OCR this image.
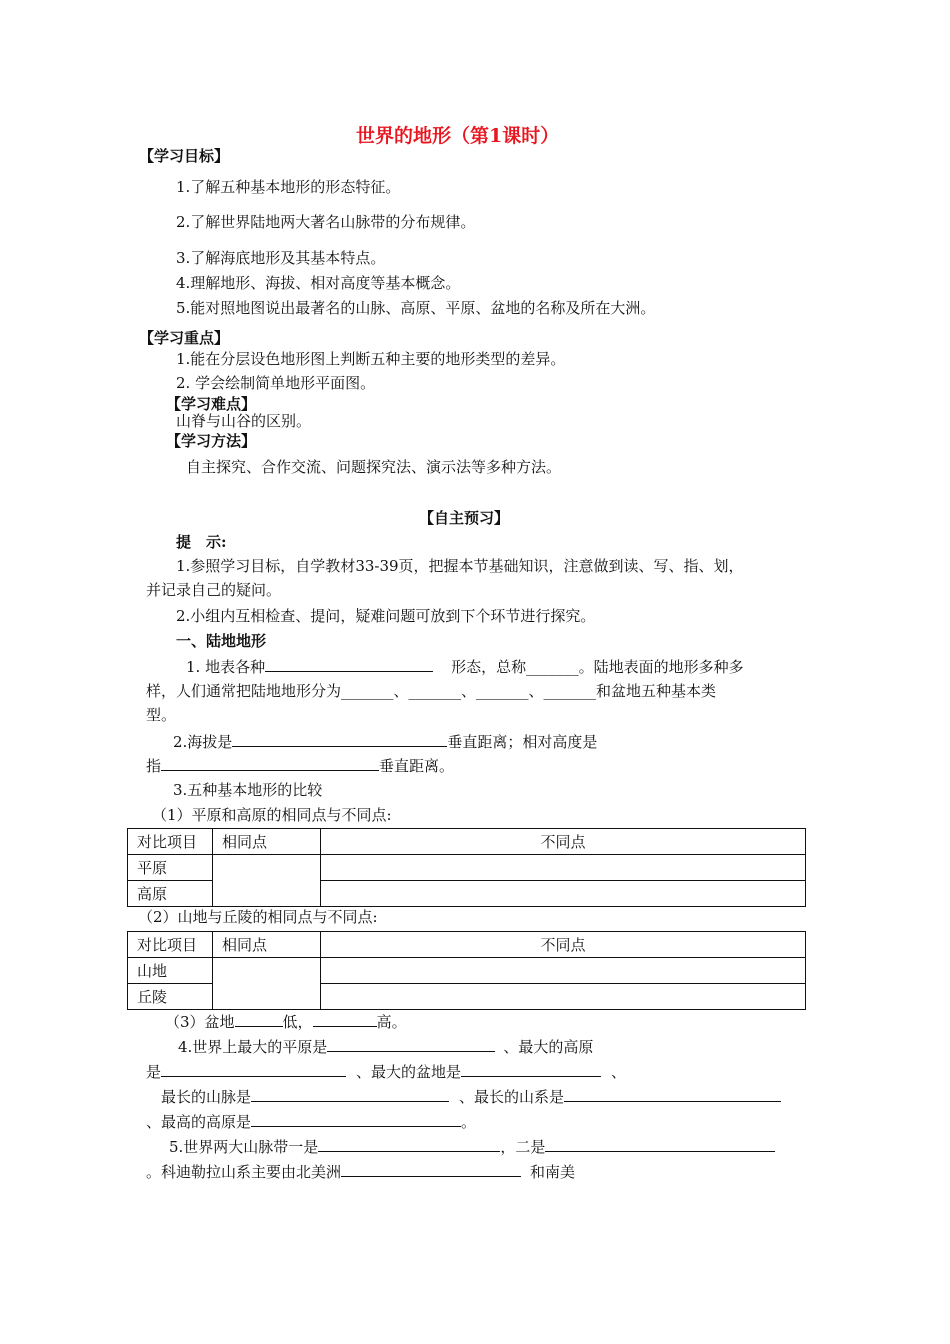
世界的地形（第1课时）
【学习目标】
1.了解五种基本地形的形态特征。
2.了解世界陆地两大著名山脉带的分布规律。
3.了解海底地形及其基本特点。
4.理解地形、海拔、相对高度等基本概念。
5.能对照地图说出最著名的山脉、高原、平原、盆地的名称及所在大洲。
【学习重点】
1.能在分层设色地形图上判断五种主要的地形类型的差异。
2. 学会绘制简单地形平面图。
【学习难点】
山脊与山谷的区别。
【学习方法】
自主探究、合作交流、问题探究法、演示法等多种方法。
【自主预习】
提　示:
1.参照学习目标，自学教材33-39页，把握本节基础知识，注意做到读、写、指、划，
并记录自己的疑问。
2.小组内互相检查、提问，疑难问题可放到下个环节进行探究。
一、陆地地形
1. 地表各种	形态，总称_______。陆地表面的地形多种多
样，人们通常把陆地地形分为_______、_______、_______、_______和盆地五种基本类
型。
2.海拔是	垂直距离；相对高度是
指	垂直距离。
3.五种基本地形的比较
（1）平原和高原的相同点与不同点:
对比项目	相同点	不同点
平原		
高原		
（2）山地与丘陵的相同点与不同点:
对比项目	相同点	不同点
山地		
丘陵		
（3）盆地	低，	高。
4.世界上最大的平原是	、最大的高原
是	、最大的盆地是	、
最长的山脉是	、最长的山系是
、最高的高原是	。
5.世界两大山脉带一是	，二是
。科迪勒拉山系主要由北美洲	和南美
